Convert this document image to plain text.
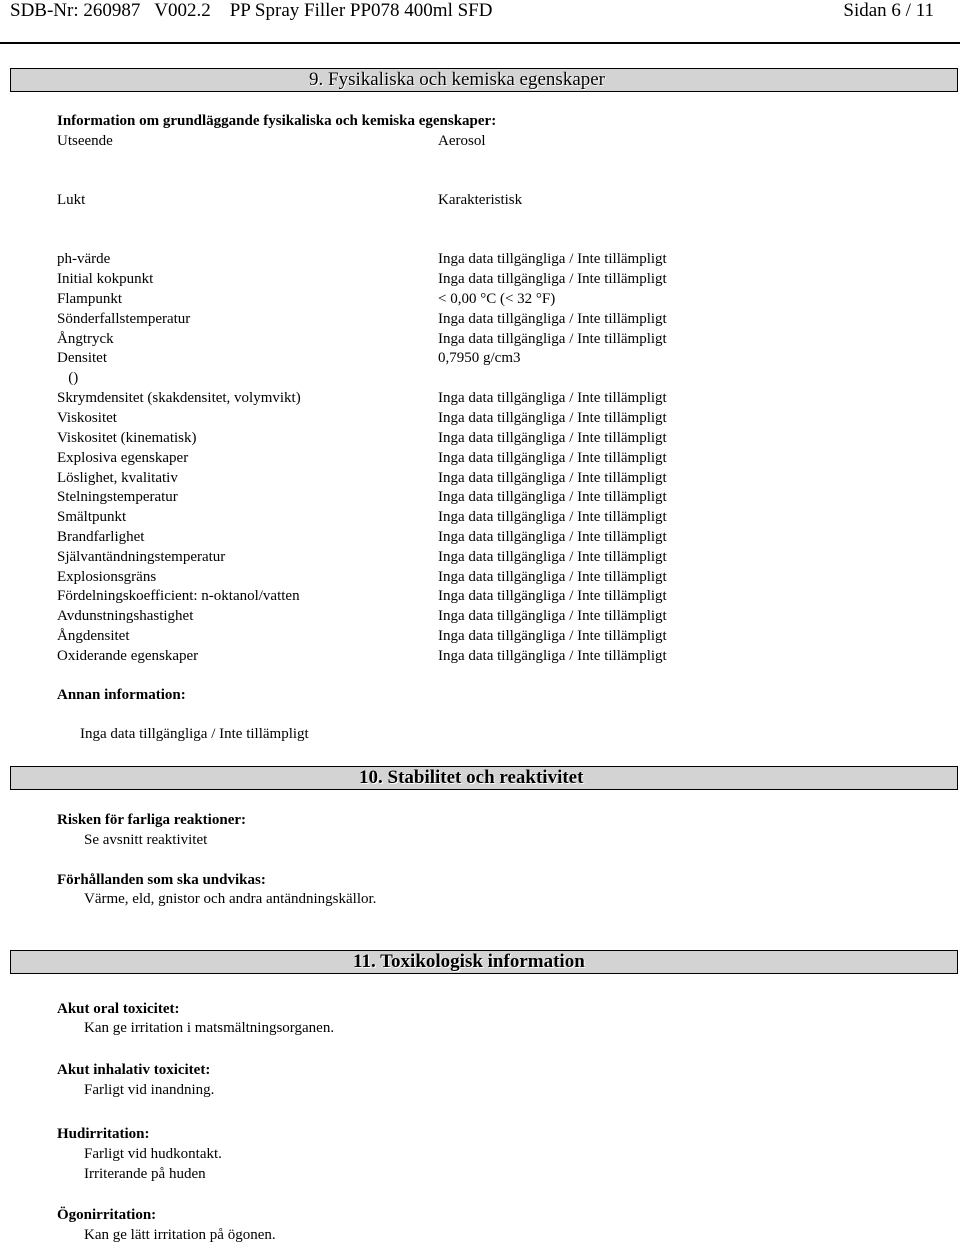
SDB-Nr: 260987   V002.2    PP Spray Filler PP078 400ml SFD	Sidan 6 / 11
9. Fysikaliska och kemiska egenskaper
Information om grundläggande fysikaliska och kemiska egenskaper:
Utseende	Aerosol
Lukt	Karakteristisk
ph-värde	Inga data tillgängliga / Inte tillämpligt
Initial kokpunkt	Inga data tillgängliga / Inte tillämpligt
Flampunkt	< 0,00 °C (< 32 °F)
Sönderfallstemperatur	Inga data tillgängliga / Inte tillämpligt
Ångtryck	Inga data tillgängliga / Inte tillämpligt
Densitet	0,7950 g/cm3
()
Skrymdensitet (skakdensitet, volymvikt)	Inga data tillgängliga / Inte tillämpligt
Viskositet	Inga data tillgängliga / Inte tillämpligt
Viskositet (kinematisk)	Inga data tillgängliga / Inte tillämpligt
Explosiva egenskaper	Inga data tillgängliga / Inte tillämpligt
Löslighet, kvalitativ	Inga data tillgängliga / Inte tillämpligt
Stelningstemperatur	Inga data tillgängliga / Inte tillämpligt
Smältpunkt	Inga data tillgängliga / Inte tillämpligt
Brandfarlighet	Inga data tillgängliga / Inte tillämpligt
Självantändningstemperatur	Inga data tillgängliga / Inte tillämpligt
Explosionsgräns	Inga data tillgängliga / Inte tillämpligt
Fördelningskoefficient: n-oktanol/vatten	Inga data tillgängliga / Inte tillämpligt
Avdunstningshastighet	Inga data tillgängliga / Inte tillämpligt
Ångdensitet	Inga data tillgängliga / Inte tillämpligt
Oxiderande egenskaper	Inga data tillgängliga / Inte tillämpligt
Annan information:
Inga data tillgängliga / Inte tillämpligt
10. Stabilitet och reaktivitet
Risken för farliga reaktioner:
Se avsnitt reaktivitet
Förhållanden som ska undvikas:
Värme, eld, gnistor och andra antändningskällor.
11. Toxikologisk information
Akut oral toxicitet:
Kan ge irritation i matsmältningsorganen.
Akut inhalativ toxicitet:
Farligt vid inandning.
Hudirritation:
Farligt vid hudkontakt.
Irriterande på huden
Ögonirritation:
Kan ge lätt irritation på ögonen.
